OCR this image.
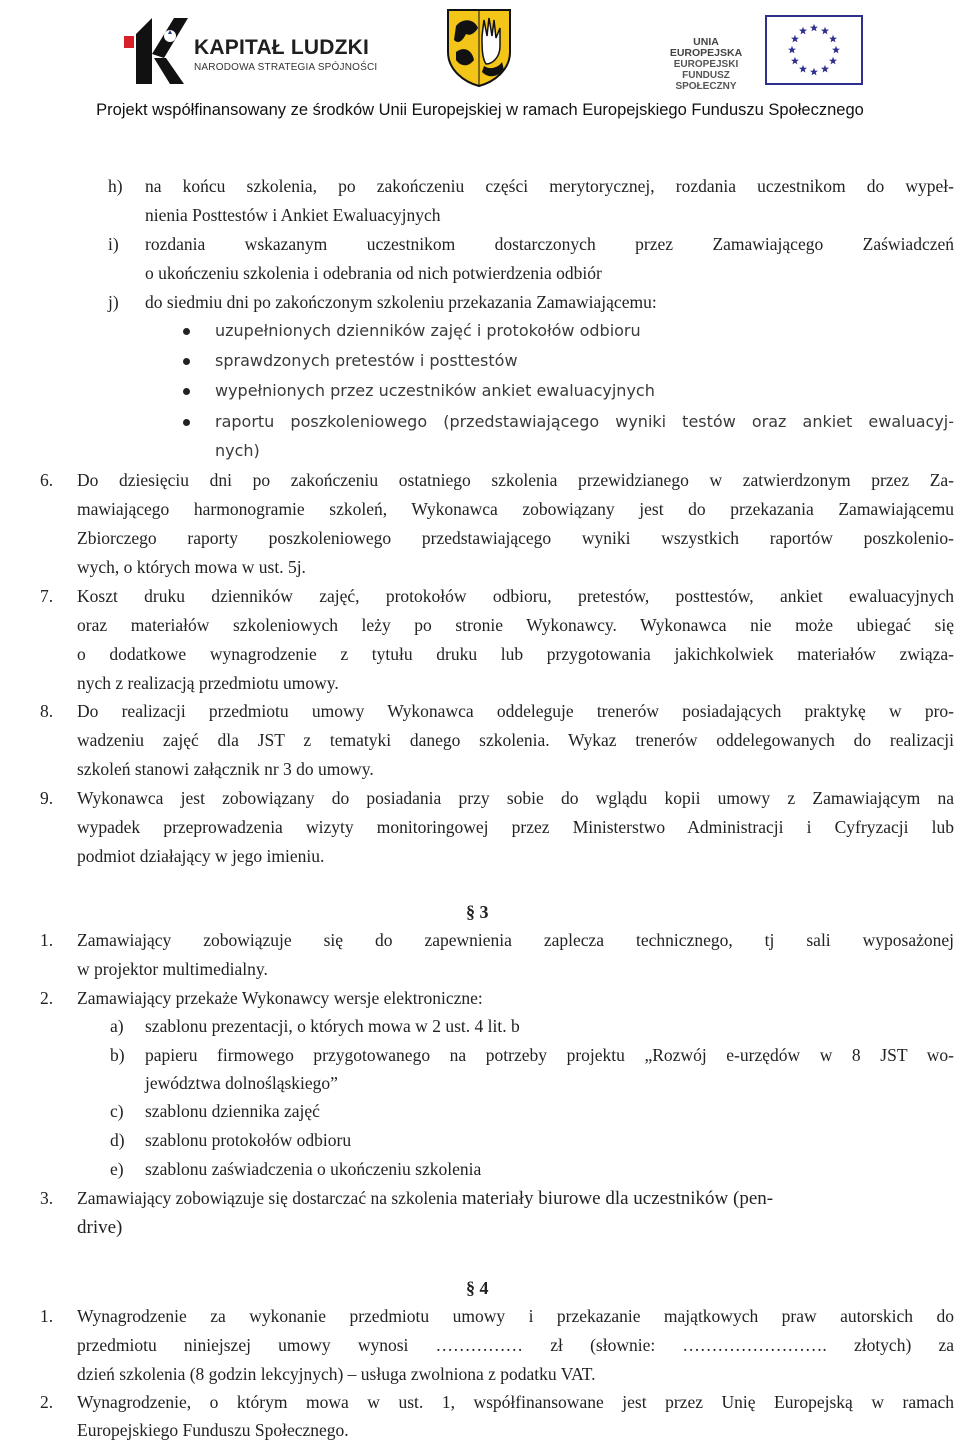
KAPITAŁ LUDZKI
NARODOWA STRATEGIA SPÓJNOŚCI
UNIA EUROPEJSKA
EUROPEJSKI
FUNDUSZ SPOŁECZNY
Projekt współfinansowany ze środków Unii Europejskiej w ramach Europejskiego Funduszu Społecznego
h) na końcu szkolenia, po zakończeniu części merytorycznej, rozdania uczestnikom do wypeł-
nienia Posttestów i Ankiet Ewaluacyjnych
i) rozdania wskazanym uczestnikom dostarczonych przez Zamawiającego Zaświadczeń
o ukończeniu szkolenia i odebrania od nich potwierdzenia odbiór
j) do siedmiu dni po zakończonym szkoleniu przekazania Zamawiającemu:
uzupełnionych dzienników zajęć i protokołów odbioru
sprawdzonych pretestów i posttestów
wypełnionych przez uczestników ankiet ewaluacyjnych
raportu poszkoleniowego (przedstawiającego wyniki testów oraz ankiet ewaluacyj-
nych)
6. Do dziesięciu dni po zakończeniu ostatniego szkolenia przewidzianego w zatwierdzonym przez Za-
mawiającego harmonogramie szkoleń, Wykonawca zobowiązany jest do przekazania Zamawiającemu
Zbiorczego raporty poszkoleniowego przedstawiającego wyniki wszystkich raportów poszkolenio-
wych, o których mowa w ust. 5j.
7. Koszt druku dzienników zajęć, protokołów odbioru, pretestów, posttestów, ankiet ewaluacyjnych
oraz materiałów szkoleniowych leży po stronie Wykonawcy. Wykonawca nie może ubiegać się
o dodatkowe wynagrodzenie z tytułu druku lub przygotowania jakichkolwiek materiałów związa-
nych z realizacją przedmiotu umowy.
8. Do realizacji przedmiotu umowy Wykonawca oddeleguje trenerów posiadających praktykę w pro-
wadzeniu zajęć dla JST z tematyki danego szkolenia. Wykaz trenerów oddelegowanych do realizacji
szkoleń stanowi załącznik nr 3 do umowy.
9. Wykonawca jest zobowiązany do posiadania przy sobie do wglądu kopii umowy z Zamawiającym na
wypadek przeprowadzenia wizyty monitoringowej przez Ministerstwo Administracji i Cyfryzacji lub
podmiot działający w jego imieniu.
§ 3
1. Zamawiający zobowiązuje się do zapewnienia zaplecza technicznego, tj sali wyposażonej
w projektor multimedialny.
2. Zamawiający przekaże Wykonawcy wersje elektroniczne:
a) szablonu prezentacji, o których mowa w 2 ust. 4 lit. b
b) papieru firmowego przygotowanego na potrzeby projektu „Rozwój e-urzędów w 8 JST wo-
jewództwa dolnośląskiego”
c) szablonu dziennika zajęć
d) szablonu protokołów odbioru
e) szablonu zaświadczenia o ukończeniu szkolenia
3. Zamawiający zobowiązuje się dostarczać na szkolenia materiały biurowe dla uczestników (pen-
drive)
§ 4
1. Wynagrodzenie za wykonanie przedmiotu umowy i przekazanie majątkowych praw autorskich do
przedmiotu niniejszej umowy wynosi …………… zł (słownie: ……………………. złotych) za
dzień szkolenia (8 godzin lekcyjnych) – usługa zwolniona z podatku VAT.
2. Wynagrodzenie, o którym mowa w ust. 1, współfinansowane jest przez Unię Europejską w ramach
Europejskiego Funduszu Społecznego.
